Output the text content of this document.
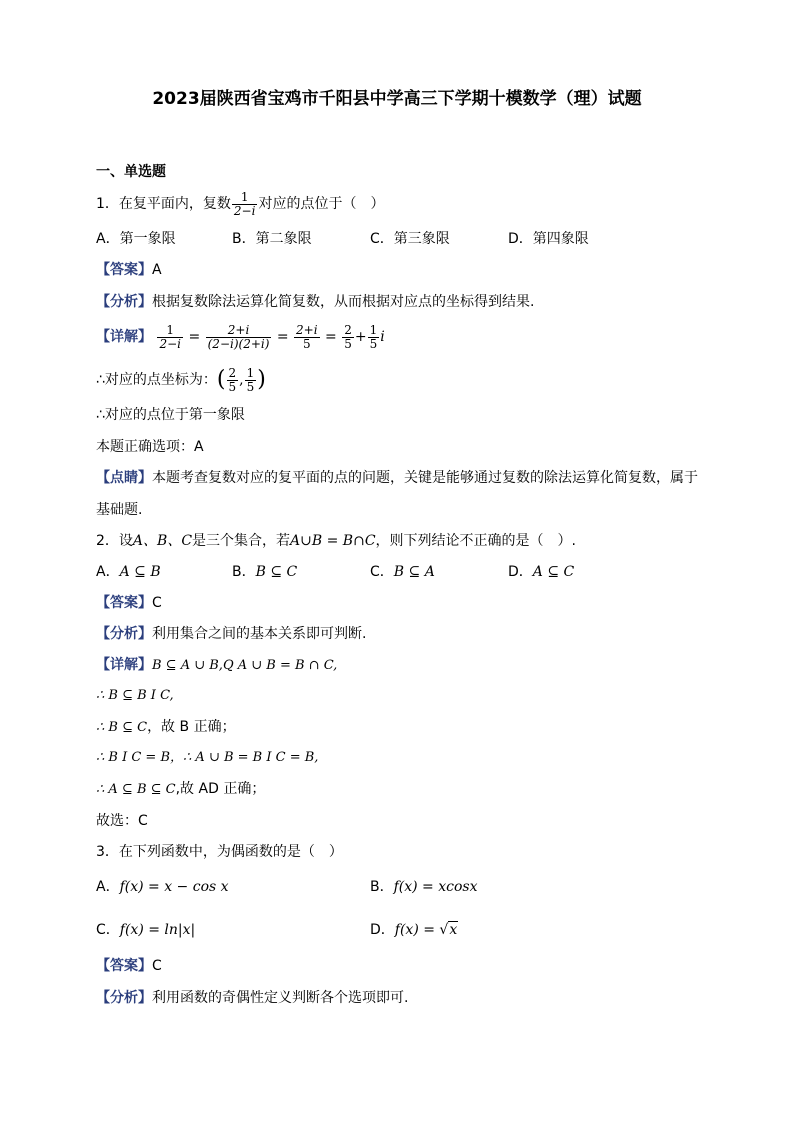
2023届陕西省宝鸡市千阳县中学高三下学期十模数学（理）试题
一、单选题
1．在复平面内，复数 $\frac{1}{2-i}$ 对应的点位于（　）
A．第一象限	B．第二象限	C．第三象限	D．第四象限
【答案】A
【分析】根据复数除法运算化简复数，从而根据对应点的坐标得到结果.
【详解】 $\frac{1}{2-i} = \frac{2+i}{(2-i)(2+i)} = \frac{2+i}{5} = \frac{2}{5} + \frac{1}{5}$ i
∴对应的点坐标为：( $\frac{2}{5}$ , $\frac{1}{5}$ )
∴对应的点位于第一象限
本题正确选项：A
【点睛】本题考查复数对应的复平面的点的问题，关键是能够通过复数的除法运算化简复数，属于
基础题.
2．设A、B、C是三个集合，若A∪B = B∩C，则下列结论不正确的是（　）.
A．A ⊆ B	B．B ⊆ C	C．B ⊆ A	D．A ⊆ C
【答案】C
【分析】利用集合之间的基本关系即可判断.
【详解】B ⊆ A ∪ B,Q A ∪ B = B ∩ C,
∴ B ⊆ B I C,
∴ B ⊆ C，故 B 正确；
∴ B I C = B，∴ A ∪ B = B I C = B,
∴ A ⊆ B ⊆ C,故 AD 正确；
故选：C
3．在下列函数中，为偶函数的是（　）
A．f(x) = x − cos x	B．f(x) = xcosx
C．f(x) = ln|x|	D．f(x) = √x
【答案】C
【分析】利用函数的奇偶性定义判断各个选项即可.
